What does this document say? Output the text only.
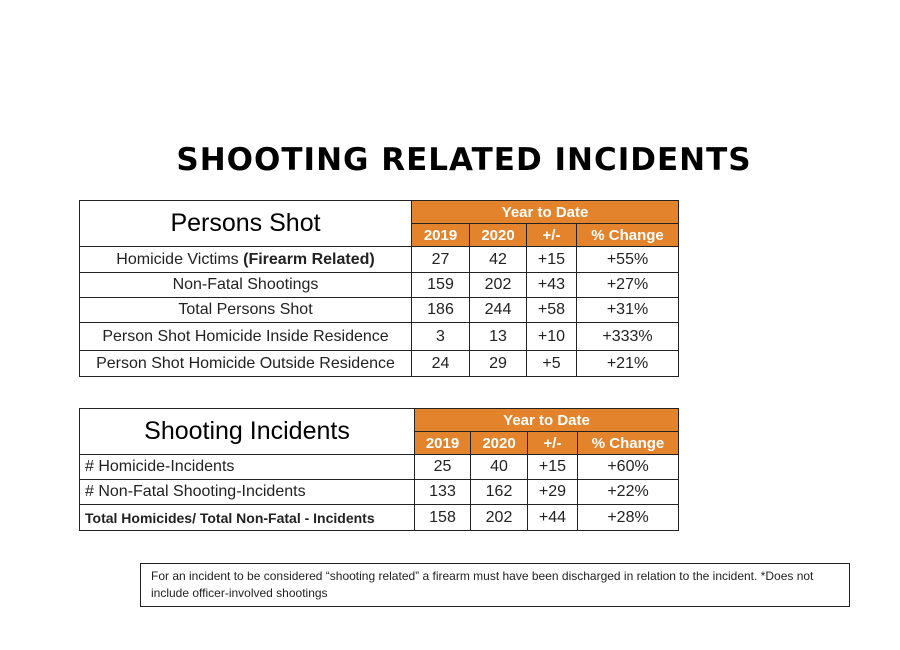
SHOOTING RELATED INCIDENTS
Persons Shot	Year to Date			
	2019	2020	+/-	% Change
Homicide Victims (Firearm Related)	27	42	+15	+55%
Non-Fatal Shootings	159	202	+43	+27%
Total Persons Shot	186	244	+58	+31%
Person Shot Homicide Inside Residence	3	13	+10	+333%
Person Shot Homicide Outside Residence	24	29	+5	+21%
Shooting Incidents	Year to Date			
	2019	2020	+/-	% Change
# Homicide-Incidents	25	40	+15	+60%
# Non-Fatal Shooting-Incidents	133	162	+29	+22%
Total Homicides/ Total Non-Fatal - Incidents	158	202	+44	+28%
For an incident to be considered “shooting related” a firearm must have been discharged in relation to the incident. *Does not include officer-involved shootings
